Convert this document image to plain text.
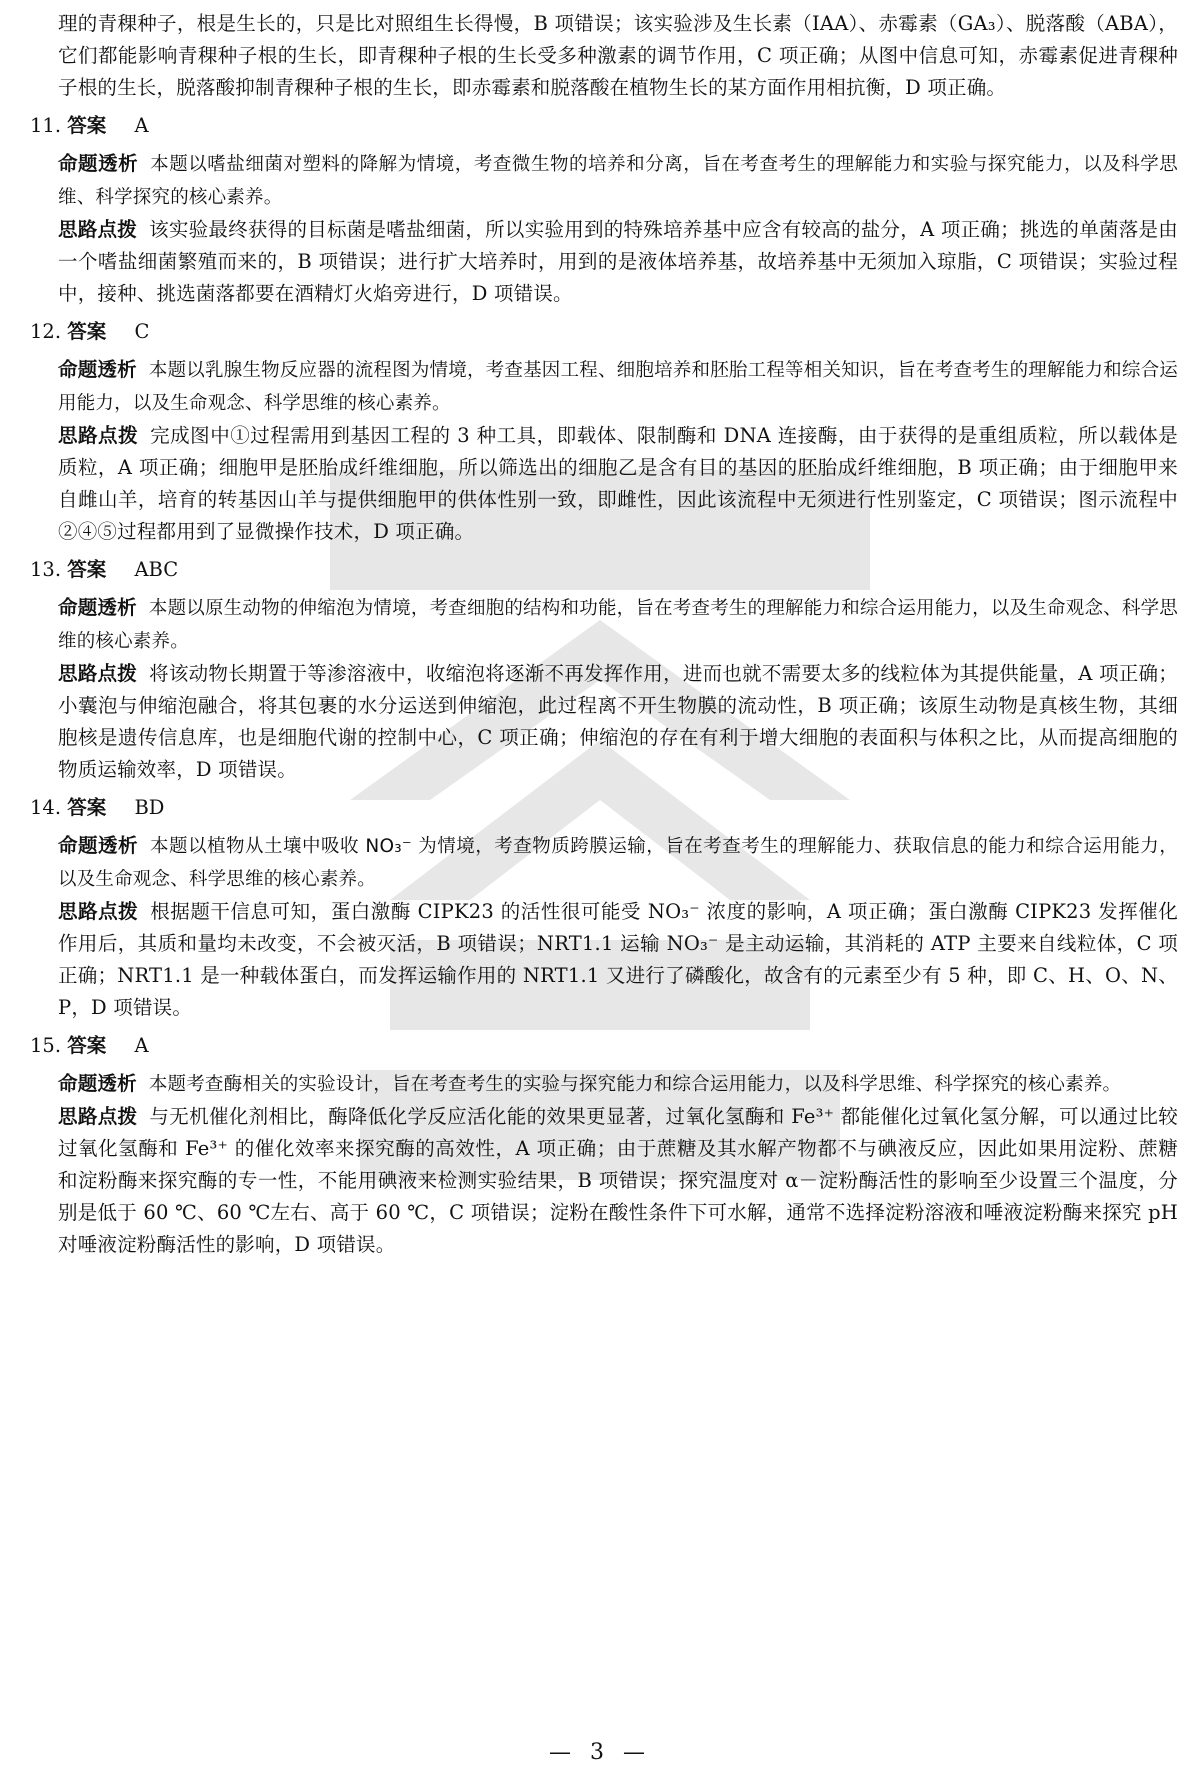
理的青稞种子，根是生长的，只是比对照组生长得慢，B 项错误；该实验涉及生长素（IAA）、赤霉素（GA₃）、脱落酸（ABA），它们都能影响青稞种子根的生长，即青稞种子根的生长受多种激素的调节作用，C 项正确；从图中信息可知，赤霉素促进青稞种子根的生长，脱落酸抑制青稞种子根的生长，即赤霉素和脱落酸在植物生长的某方面作用相抗衡，D 项正确。

11. 答案 A

命题透析 本题以嗜盐细菌对塑料的降解为情境，考查微生物的培养和分离，旨在考查考生的理解能力和实验与探究能力，以及科学思维、科学探究的核心素养。

思路点拨 该实验最终获得的目标菌是嗜盐细菌，所以实验用到的特殊培养基中应含有较高的盐分，A 项正确；挑选的单菌落是由一个嗜盐细菌繁殖而来的，B 项错误；进行扩大培养时，用到的是液体培养基，故培养基中无须加入琼脂，C 项错误；实验过程中，接种、挑选菌落都要在酒精灯火焰旁进行，D 项错误。

12. 答案 C

命题透析 本题以乳腺生物反应器的流程图为情境，考查基因工程、细胞培养和胚胎工程等相关知识，旨在考查考生的理解能力和综合运用能力，以及生命观念、科学思维的核心素养。

思路点拨 完成图中①过程需用到基因工程的 3 种工具，即载体、限制酶和 DNA 连接酶，由于获得的是重组质粒，所以载体是质粒，A 项正确；细胞甲是胚胎成纤维细胞，所以筛选出的细胞乙是含有目的基因的胚胎成纤维细胞，B 项正确；由于细胞甲来自雌山羊，培育的转基因山羊与提供细胞甲的供体性别一致，即雌性，因此该流程中无须进行性别鉴定，C 项错误；图示流程中②④⑤过程都用到了显微操作技术，D 项正确。

13. 答案 ABC

命题透析 本题以原生动物的伸缩泡为情境，考查细胞的结构和功能，旨在考查考生的理解能力和综合运用能力，以及生命观念、科学思维的核心素养。

思路点拨 将该动物长期置于等渗溶液中，收缩泡将逐渐不再发挥作用，进而也就不需要太多的线粒体为其提供能量，A 项正确；小囊泡与伸缩泡融合，将其包裹的水分运送到伸缩泡，此过程离不开生物膜的流动性，B 项正确；该原生动物是真核生物，其细胞核是遗传信息库，也是细胞代谢的控制中心，C 项正确；伸缩泡的存在有利于增大细胞的表面积与体积之比，从而提高细胞的物质运输效率，D 项错误。

14. 答案 BD

命题透析 本题以植物从土壤中吸收 NO₃⁻ 为情境，考查物质跨膜运输，旨在考查考生的理解能力、获取信息的能力和综合运用能力，以及生命观念、科学思维的核心素养。

思路点拨 根据题干信息可知，蛋白激酶 CIPK23 的活性很可能受 NO₃⁻ 浓度的影响，A 项正确；蛋白激酶 CIPK23 发挥催化作用后，其质和量均未改变，不会被灭活，B 项错误；NRT1.1 运输 NO₃⁻ 是主动运输，其消耗的 ATP 主要来自线粒体，C 项正确；NRT1.1 是一种载体蛋白，而发挥运输作用的 NRT1.1 又进行了磷酸化，故含有的元素至少有 5 种，即 C、H、O、N、P，D 项错误。

15. 答案 A

命题透析 本题考查酶相关的实验设计，旨在考查考生的实验与探究能力和综合运用能力，以及科学思维、科学探究的核心素养。

思路点拨 与无机催化剂相比，酶降低化学反应活化能的效果更显著，过氧化氢酶和 Fe³⁺ 都能催化过氧化氢分解，可以通过比较过氧化氢酶和 Fe³⁺ 的催化效率来探究酶的高效性，A 项正确；由于蔗糖及其水解产物都不与碘液反应，因此如果用淀粉、蔗糖和淀粉酶来探究酶的专一性，不能用碘液来检测实验结果，B 项错误；探究温度对 α－淀粉酶活性的影响至少设置三个温度，分别是低于 60 ℃、60 ℃左右、高于 60 ℃，C 项错误；淀粉在酸性条件下可水解，通常不选择淀粉溶液和唾液淀粉酶来探究 pH 对唾液淀粉酶活性的影响，D 项错误。

— 3 —
